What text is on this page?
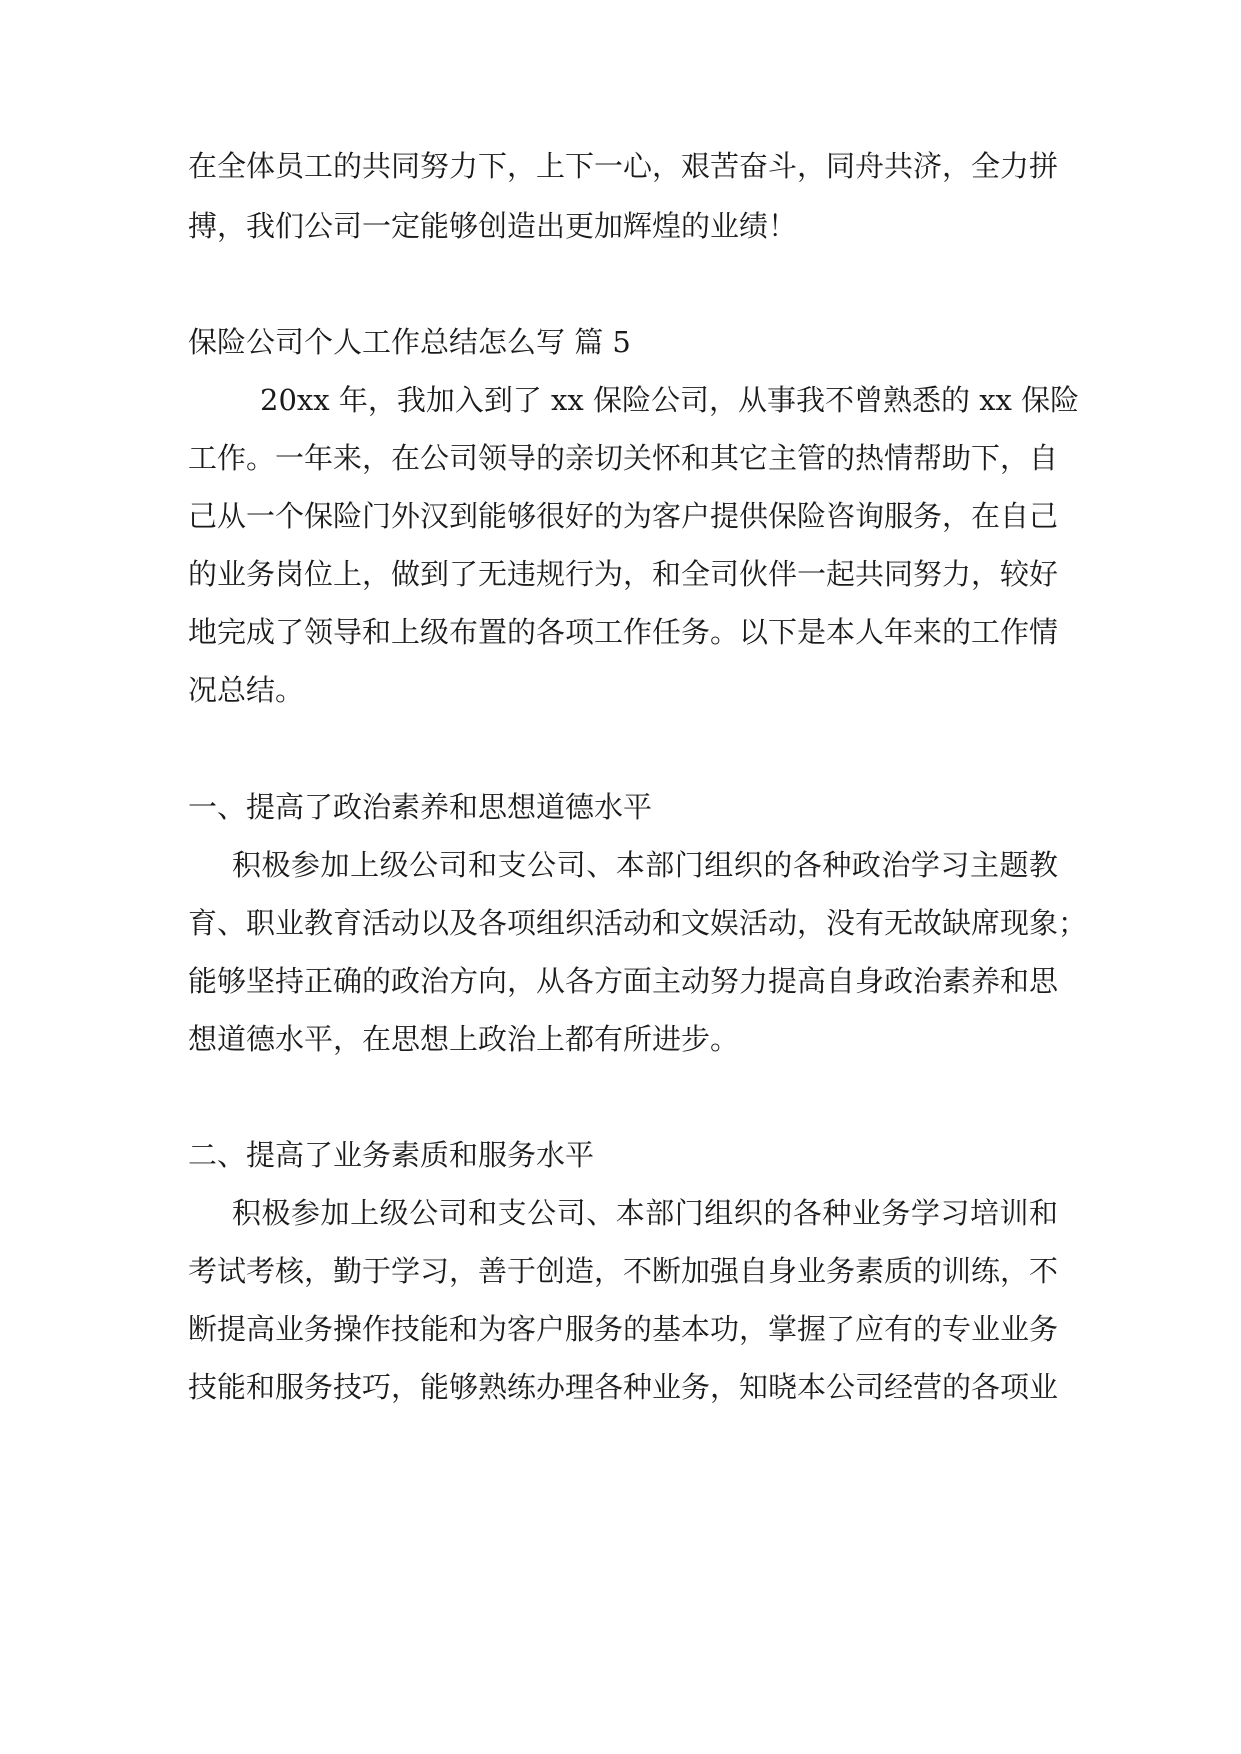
在全体员工的共同努力下，上下一心，艰苦奋斗，同舟共济，全力拼
搏，我们公司一定能够创造出更加辉煌的业绩！
保险公司个人工作总结怎么写 篇 5
20xx 年，我加入到了 xx 保险公司，从事我不曾熟悉的 xx 保险
工作。一年来，在公司领导的亲切关怀和其它主管的热情帮助下，自
己从一个保险门外汉到能够很好的为客户提供保险咨询服务，在自己
的业务岗位上，做到了无违规行为，和全司伙伴一起共同努力，较好
地完成了领导和上级布置的各项工作任务。以下是本人年来的工作情
况总结。
一、提高了政治素养和思想道德水平
积极参加上级公司和支公司、本部门组织的各种政治学习主题教
育、职业教育活动以及各项组织活动和文娱活动，没有无故缺席现象；
能够坚持正确的政治方向，从各方面主动努力提高自身政治素养和思
想道德水平，在思想上政治上都有所进步。
二、提高了业务素质和服务水平
积极参加上级公司和支公司、本部门组织的各种业务学习培训和
考试考核，勤于学习，善于创造，不断加强自身业务素质的训练，不
断提高业务操作技能和为客户服务的基本功，掌握了应有的专业业务
技能和服务技巧，能够熟练办理各种业务，知晓本公司经营的各项业
